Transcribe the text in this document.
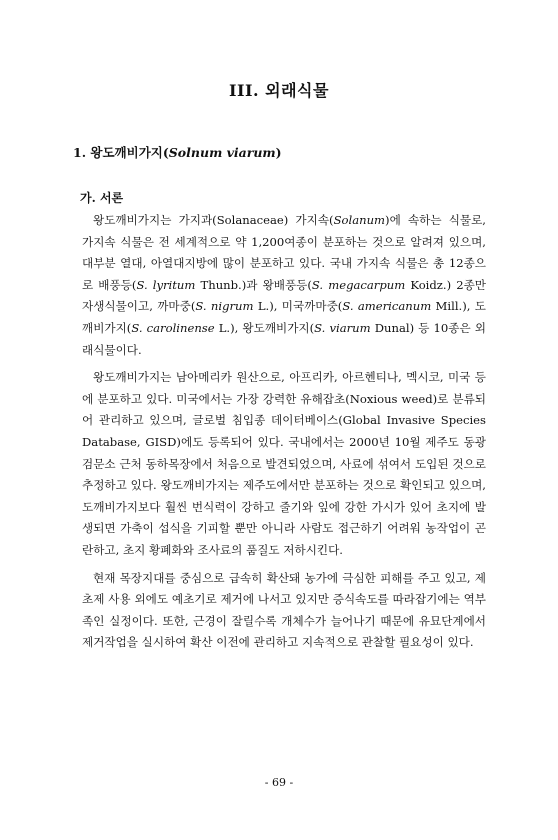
III. 외래식물
1. 왕도깨비가지(Solnum viarum)
가. 서론

왕도깨비가지는 가지과(Solanaceae) 가지속(Solanum)에 속하는 식물로, 가지속 식물은 전 세계적으로 약 1,200여종이 분포하는 것으로 알려져 있으며, 대부분 열대, 아열대지방에 많이 분포하고 있다. 국내 가지속 식물은 총 12종으로 배풍등(S. lyritum Thunb.)과 왕배풍등(S. megacarpum Koidz.) 2종만 자생식물이고, 까마중(S. nigrum L.), 미국까마중(S. americanum Mill.), 도깨비가지(S. carolinense L.), 왕도깨비가지(S. viarum Dunal) 등 10종은 외래식물이다.

왕도깨비가지는 남아메리카 원산으로, 아프리카, 아르헨티나, 멕시코, 미국 등에 분포하고 있다. 미국에서는 가장 강력한 유해잡초(Noxious weed)로 분류되어 관리하고 있으며, 글로벌 침입종 데이터베이스(Global Invasive Species Database, GISD)에도 등록되어 있다. 국내에서는 2000년 10월 제주도 동광검문소 근처 동하목장에서 처음으로 발견되었으며, 사료에 섞여서 도입된 것으로 추정하고 있다. 왕도깨비가지는 제주도에서만 분포하는 것으로 확인되고 있으며, 도깨비가지보다 훨씬 번식력이 강하고 줄기와 잎에 강한 가시가 있어 초지에 발생되면 가축이 섭식을 기피할 뿐만 아니라 사람도 접근하기 어려워 농작업이 곤란하고, 초지 황폐화와 조사료의 품질도 저하시킨다.

현재 목장지대를 중심으로 급속히 확산돼 농가에 극심한 피해를 주고 있고, 제초제 사용 외에도 예초기로 제거에 나서고 있지만 증식속도를 따라잡기에는 역부족인 실정이다. 또한, 근경이 잘릴수록 개체수가 늘어나기 때문에 유묘단계에서 제거작업을 실시하여 확산 이전에 관리하고 지속적으로 관찰할 필요성이 있다.

- 69 -
